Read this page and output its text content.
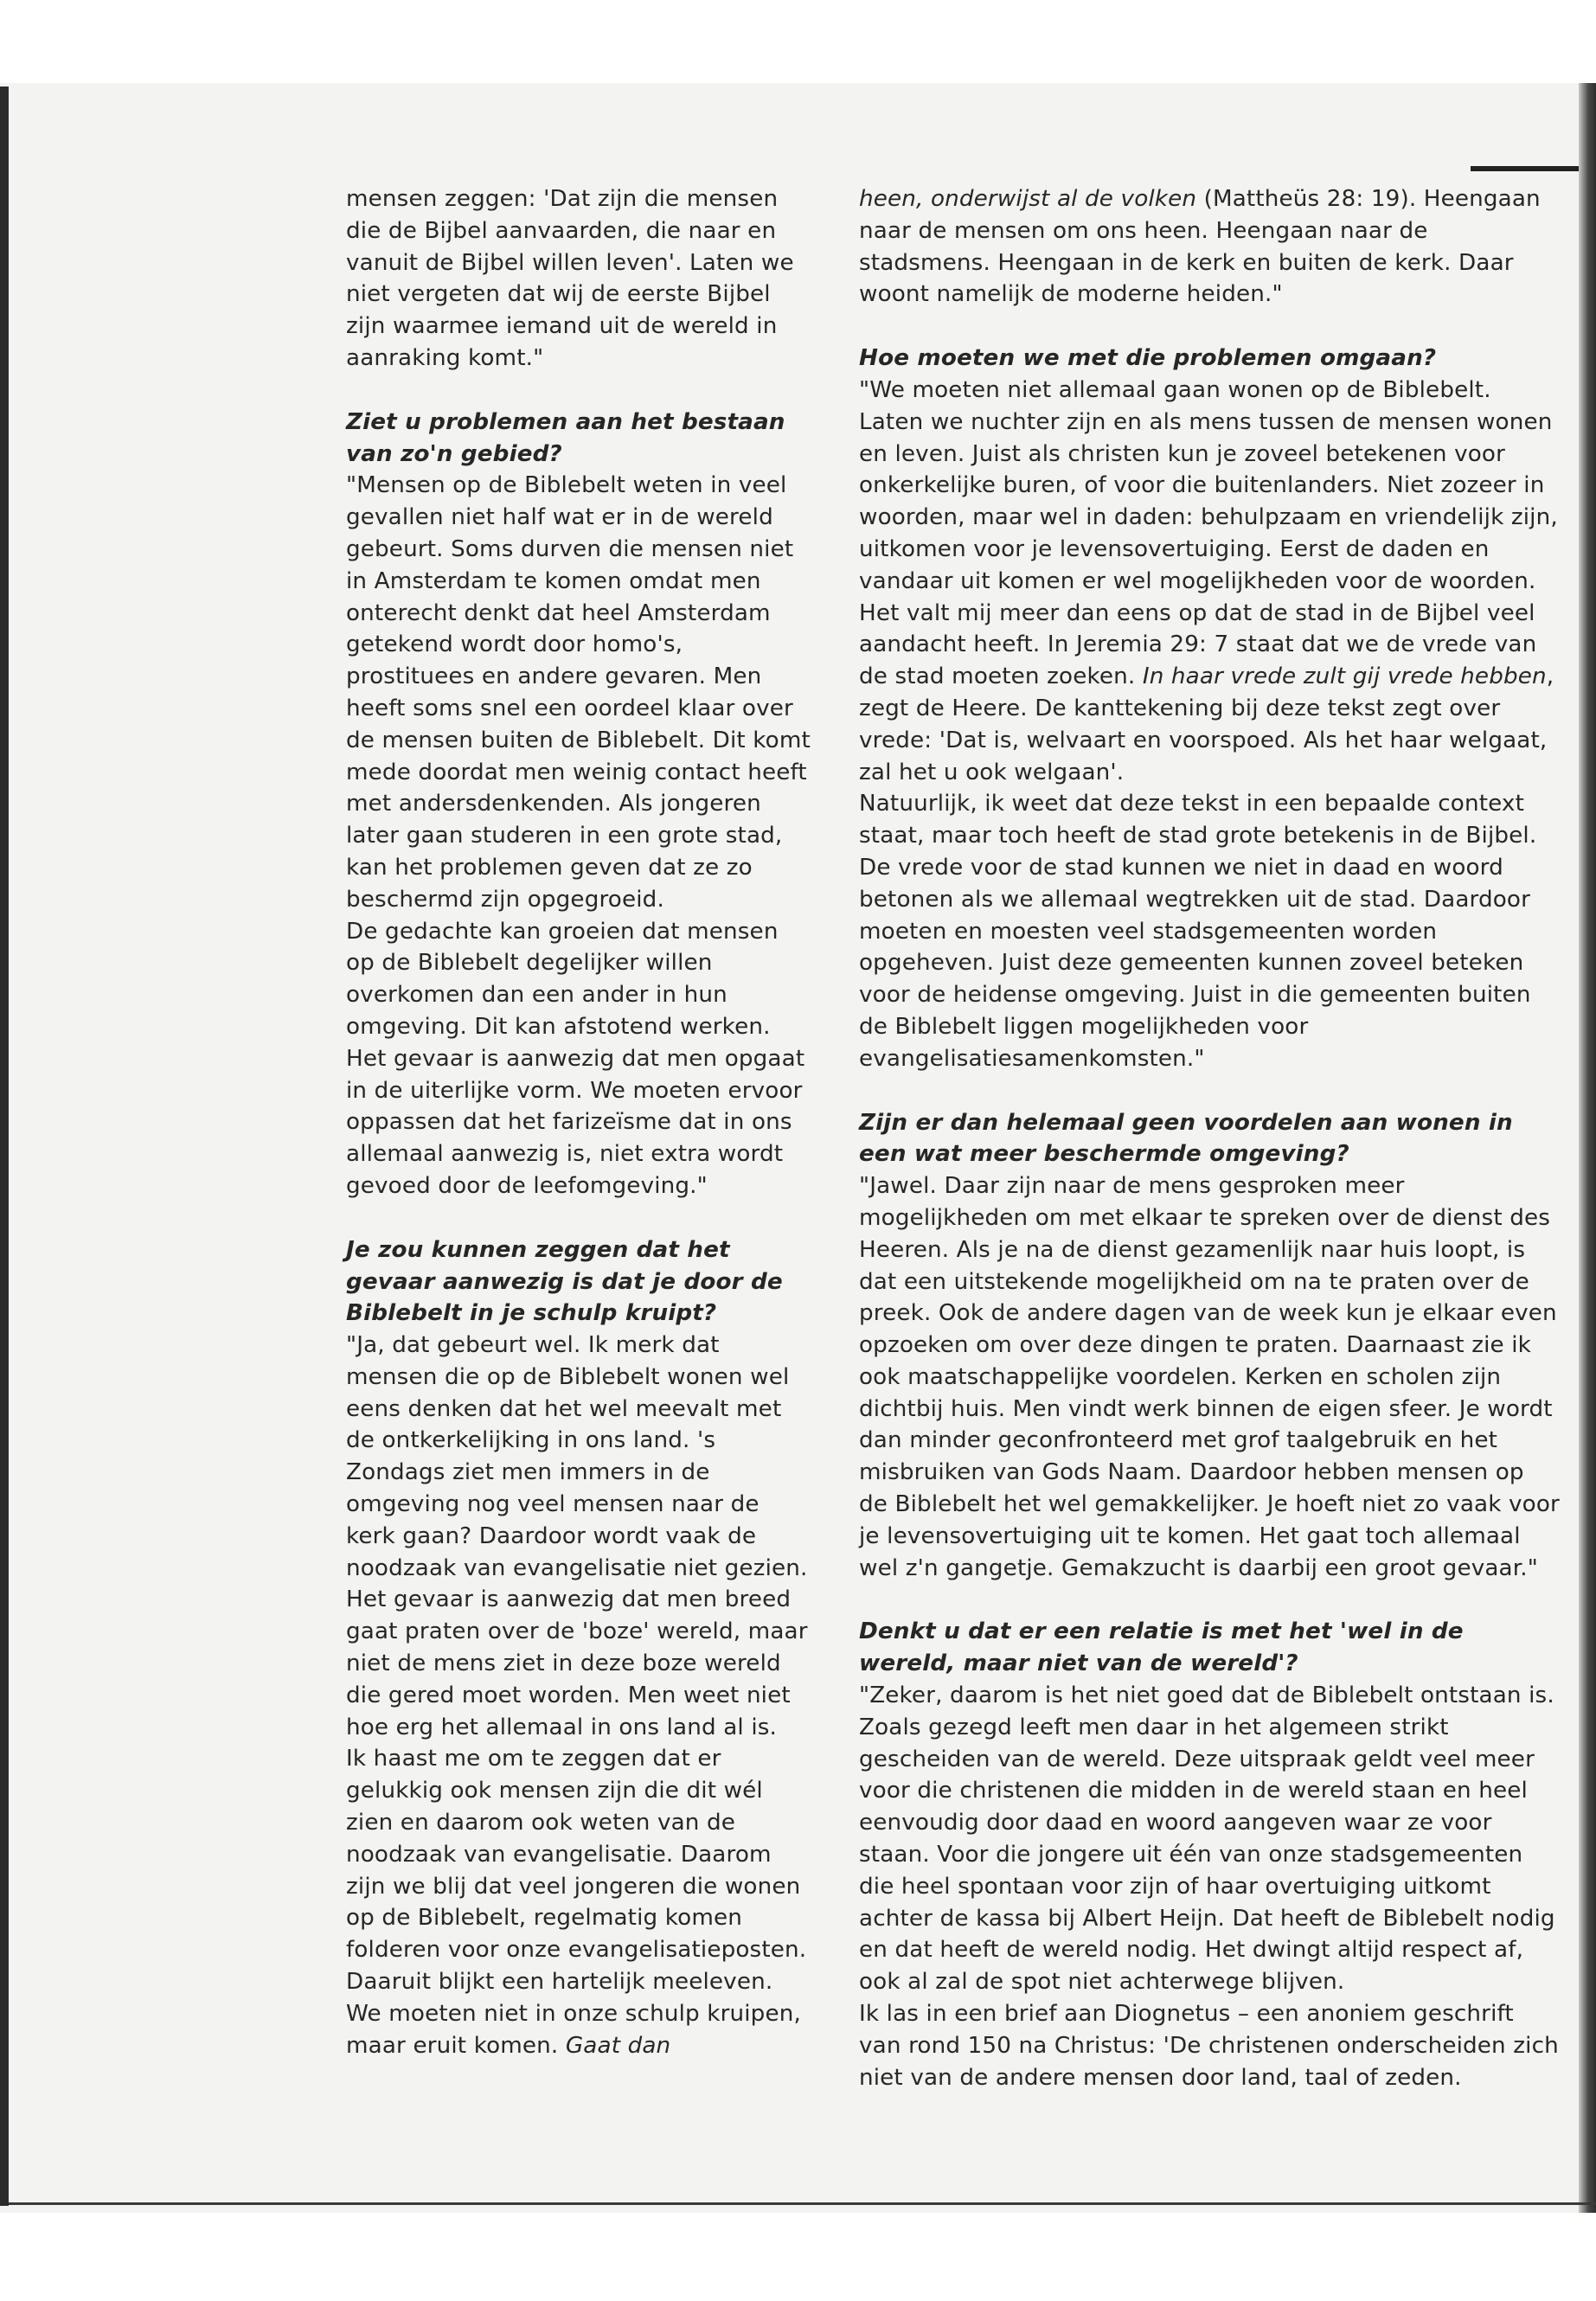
mensen zeggen: 'Dat zijn die mensen die de Bijbel aanvaarden, die naar en vanuit de Bijbel willen leven'. Laten we niet vergeten dat wij de eerste Bijbel zijn waarmee iemand uit de wereld in aanraking komt."

Ziet u problemen aan het bestaan van zo'n gebied?

"Mensen op de Biblebelt weten in veel gevallen niet half wat er in de wereld gebeurt. Soms durven die mensen niet in Amsterdam te komen omdat men onterecht denkt dat heel Amsterdam getekend wordt door homo's, prostituees en andere gevaren. Men heeft soms snel een oordeel klaar over de mensen buiten de Biblebelt. Dit komt mede doordat men weinig contact heeft met andersdenkenden. Als jongeren later gaan studeren in een grote stad, kan het problemen geven dat ze zo beschermd zijn opgegroeid.

De gedachte kan groeien dat mensen op de Biblebelt degelijker willen overkomen dan een ander in hun omgeving. Dit kan afstotend werken. Het gevaar is aanwezig dat men opgaat in de uiterlijke vorm. We moeten ervoor oppassen dat het farizeïsme dat in ons allemaal aanwezig is, niet extra wordt gevoed door de leefomgeving."

Je zou kunnen zeggen dat het gevaar aanwezig is dat je door de Biblebelt in je schulp kruipt?

"Ja, dat gebeurt wel. Ik merk dat mensen die op de Biblebelt wonen wel eens denken dat het wel meevalt met de ontkerkelijking in ons land. 's Zondags ziet men immers in de omgeving nog veel mensen naar de kerk gaan? Daardoor wordt vaak de noodzaak van evangelisatie niet gezien. Het gevaar is aanwezig dat men breed gaat praten over de 'boze' wereld, maar niet de mens ziet in deze boze wereld die gered moet worden. Men weet niet hoe erg het allemaal in ons land al is.

Ik haast me om te zeggen dat er gelukkig ook mensen zijn die dit wél zien en daarom ook weten van de noodzaak van evangelisatie. Daarom zijn we blij dat veel jongeren die wonen op de Biblebelt, regelmatig komen folderen voor onze evangelisatieposten. Daaruit blijkt een hartelijk meeleven.

We moeten niet in onze schulp kruipen, maar eruit komen. Gaat dan

heen, onderwijst al de volken (Mattheüs 28: 19). Heengaan naar de mensen om ons heen. Heengaan naar de stadsmens. Heengaan in de kerk en buiten de kerk. Daar woont namelijk de moderne heiden."

Hoe moeten we met die problemen omgaan?

"We moeten niet allemaal gaan wonen op de Biblebelt. Laten we nuchter zijn en als mens tussen de mensen wonen en leven. Juist als christen kun je zoveel betekenen voor onkerkelijke buren, of voor die buitenlanders. Niet zozeer in woorden, maar wel in daden: behulpzaam en vriendelijk zijn, uitkomen voor je levensovertuiging. Eerst de daden en vandaar uit komen er wel mogelijkheden voor de woorden. Het valt mij meer dan eens op dat de stad in de Bijbel veel aandacht heeft. In Jeremia 29: 7 staat dat we de vrede van de stad moeten zoeken. In haar vrede zult gij vrede hebben, zegt de Heere. De kanttekening bij deze tekst zegt over vrede: 'Dat is, welvaart en voorspoed. Als het haar welgaat, zal het u ook welgaan'.

Natuurlijk, ik weet dat deze tekst in een bepaalde context staat, maar toch heeft de stad grote betekenis in de Bijbel. De vrede voor de stad kunnen we niet in daad en woord betonen als we allemaal wegtrekken uit de stad. Daardoor moeten en moesten veel stadsgemeenten worden opgeheven. Juist deze gemeenten kunnen zoveel beteken voor de heidense omgeving. Juist in die gemeenten buiten de Biblebelt liggen mogelijkheden voor evangelisatiesamenkomsten."

Zijn er dan helemaal geen voordelen aan wonen in een wat meer beschermde omgeving?

"Jawel. Daar zijn naar de mens gesproken meer mogelijkheden om met elkaar te spreken over de dienst des Heeren. Als je na de dienst gezamenlijk naar huis loopt, is dat een uitstekende mogelijkheid om na te praten over de preek. Ook de andere dagen van de week kun je elkaar even opzoeken om over deze dingen te praten. Daarnaast zie ik ook maatschappelijke voordelen. Kerken en scholen zijn dichtbij huis. Men vindt werk binnen de eigen sfeer. Je wordt dan minder geconfronteerd met grof taalgebruik en het misbruiken van Gods Naam. Daardoor hebben mensen op de Biblebelt het wel gemakkelijker. Je hoeft niet zo vaak voor je levensovertuiging uit te komen. Het gaat toch allemaal wel z'n gangetje. Gemakzucht is daarbij een groot gevaar."

Denkt u dat er een relatie is met het 'wel in de wereld, maar niet van de wereld'?

"Zeker, daarom is het niet goed dat de Biblebelt ontstaan is. Zoals gezegd leeft men daar in het algemeen strikt gescheiden van de wereld. Deze uitspraak geldt veel meer voor die christenen die midden in de wereld staan en heel eenvoudig door daad en woord aangeven waar ze voor staan. Voor die jongere uit één van onze stadsgemeenten die heel spontaan voor zijn of haar overtuiging uitkomt achter de kassa bij Albert Heijn. Dat heeft de Biblebelt nodig en dat heeft de wereld nodig. Het dwingt altijd respect af, ook al zal de spot niet achterwege blijven.

Ik las in een brief aan Diognetus – een anoniem geschrift van rond 150 na Christus: 'De christenen onderscheiden zich niet van de andere mensen door land, taal of zeden.
